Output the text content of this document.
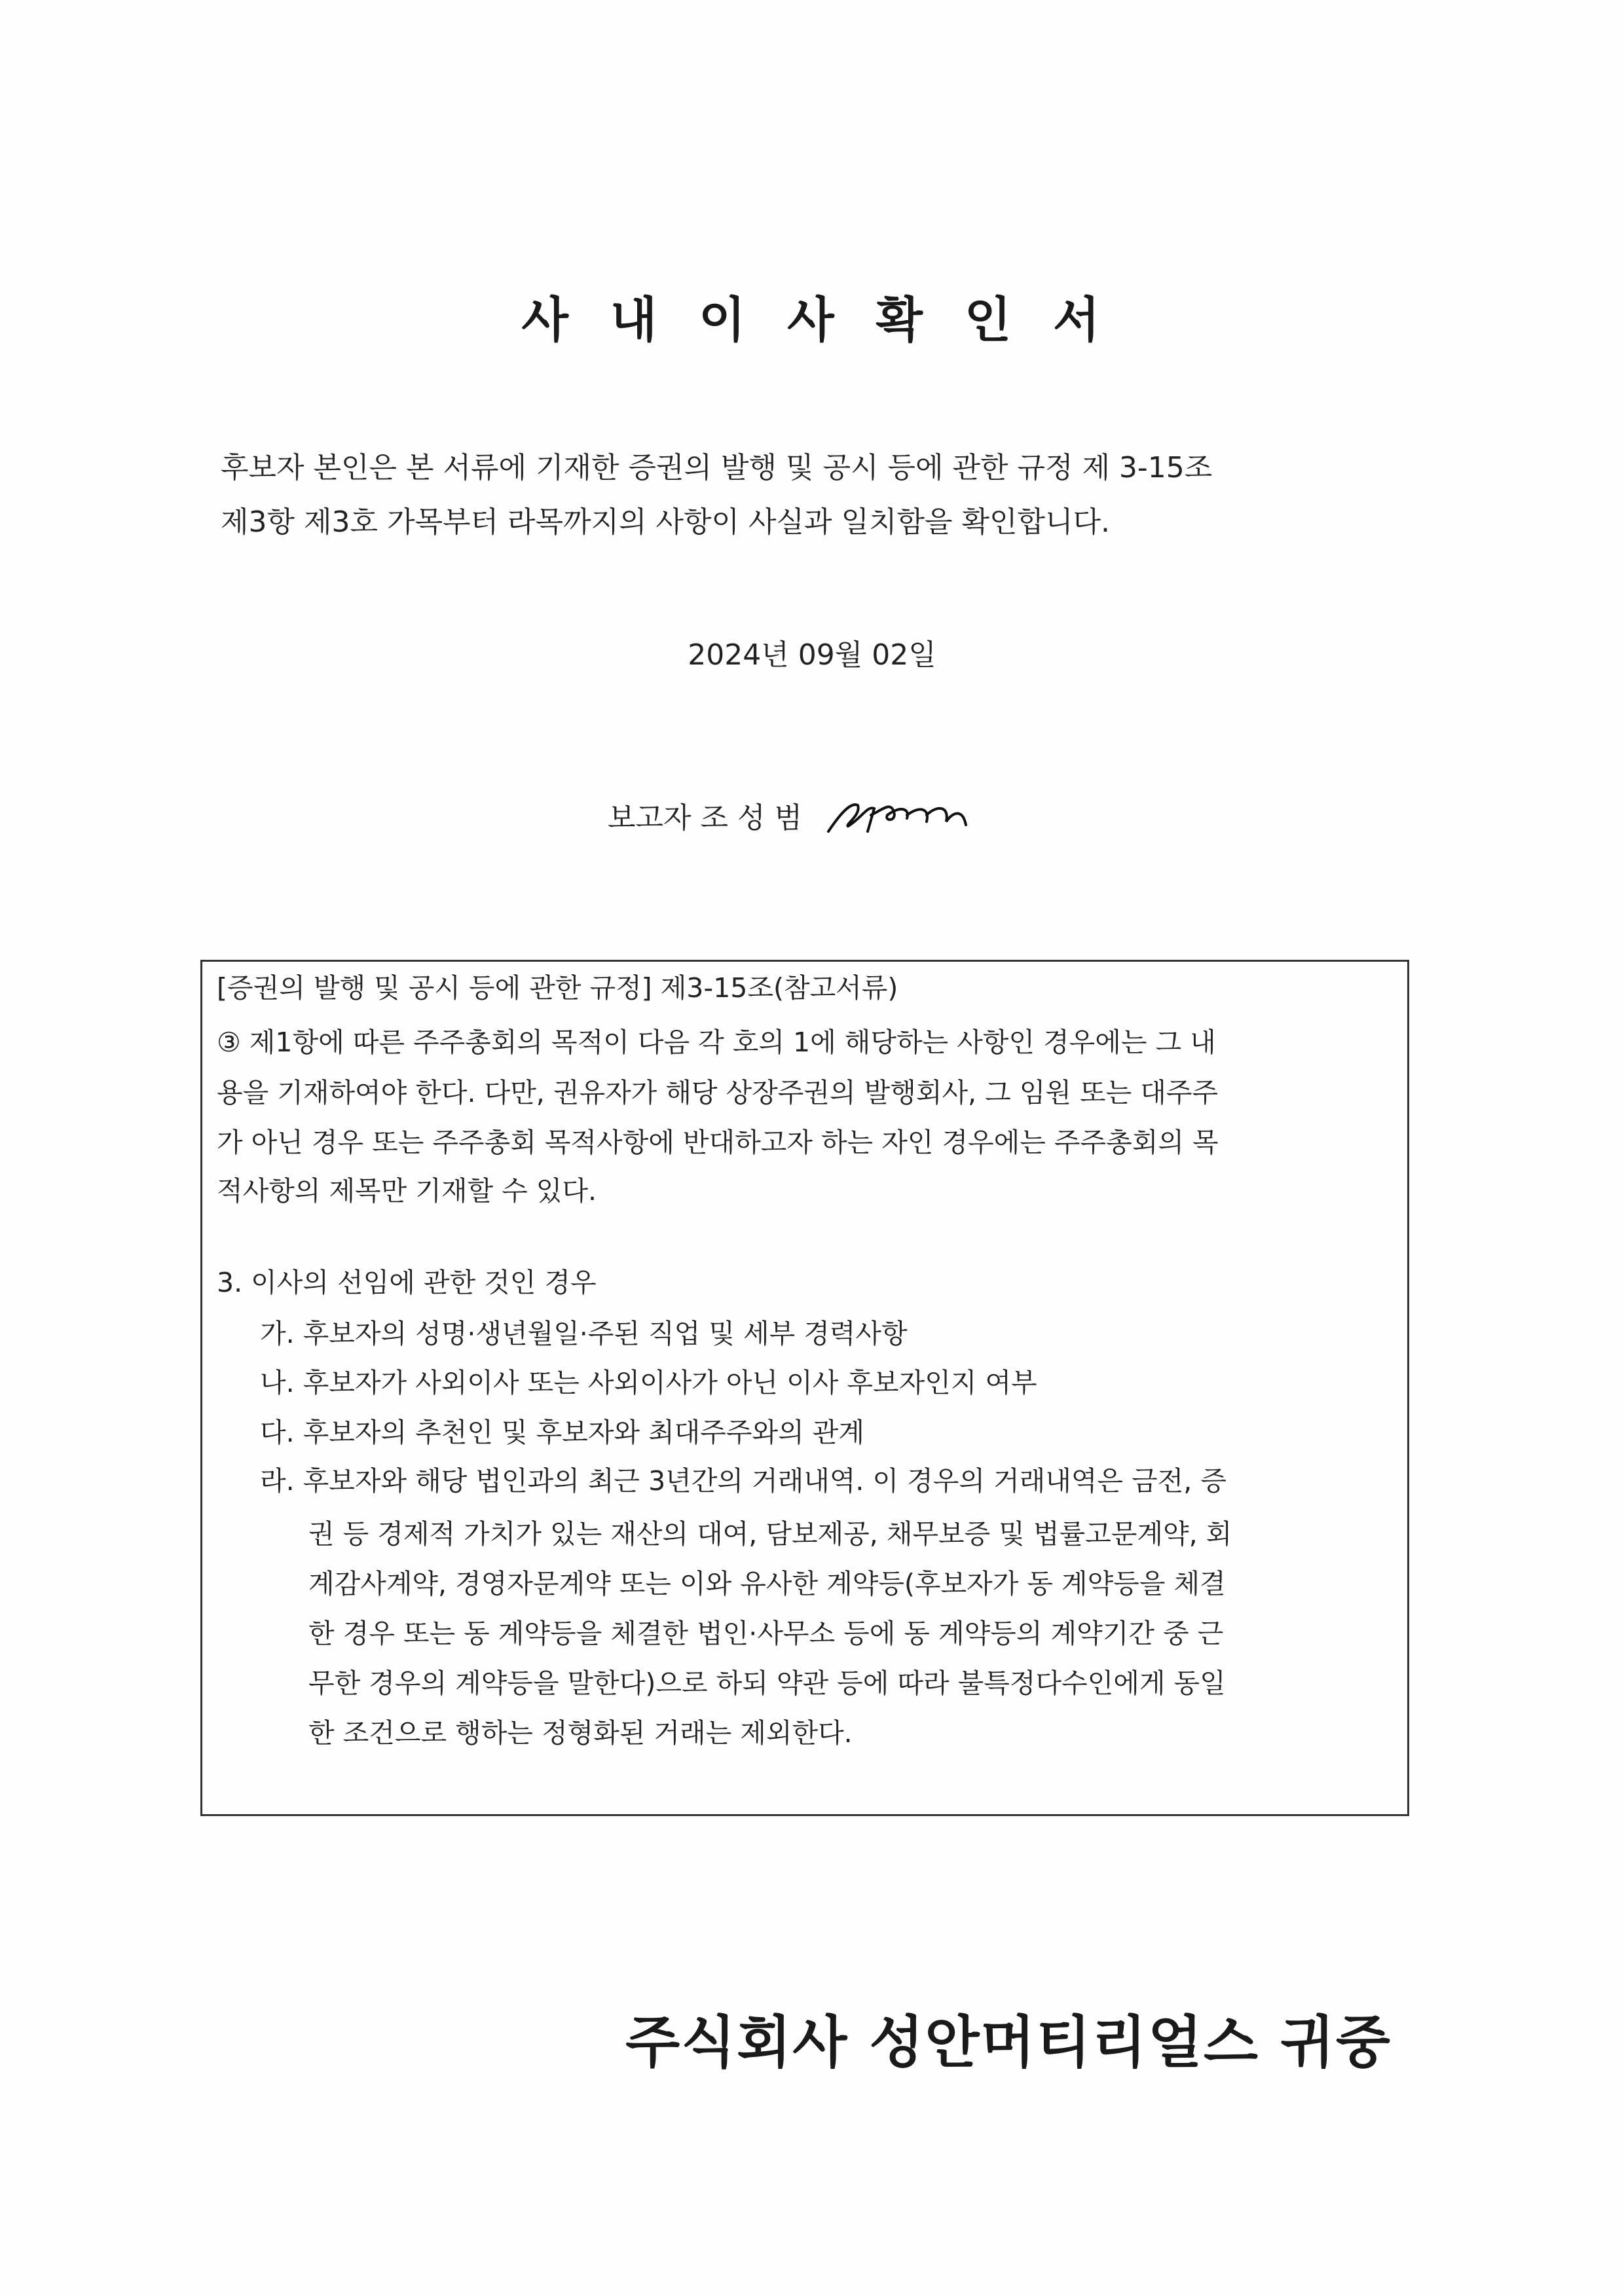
사 내 이 사 확 인 서
후보자 본인은 본 서류에 기재한 증권의 발행 및 공시 등에 관한 규정 제 3-15조
제3항 제3호 가목부터 라목까지의 사항이 사실과 일치함을 확인합니다.
2024년 09월 02일
보고자 조 성 범
[증권의 발행 및 공시 등에 관한 규정] 제3-15조(참고서류)
③ 제1항에 따른 주주총회의 목적이 다음 각 호의 1에 해당하는 사항인 경우에는 그 내
용을 기재하여야 한다. 다만, 권유자가 해당 상장주권의 발행회사, 그 임원 또는 대주주
가 아닌 경우 또는 주주총회 목적사항에 반대하고자 하는 자인 경우에는 주주총회의 목
적사항의 제목만 기재할 수 있다.
3. 이사의 선임에 관한 것인 경우
가. 후보자의 성명·생년월일·주된 직업 및 세부 경력사항
나. 후보자가 사외이사 또는 사외이사가 아닌 이사 후보자인지 여부
다. 후보자의 추천인 및 후보자와 최대주주와의 관계
라. 후보자와 해당 법인과의 최근 3년간의 거래내역. 이 경우의 거래내역은 금전, 증
권 등 경제적 가치가 있는 재산의 대여, 담보제공, 채무보증 및 법률고문계약, 회
계감사계약, 경영자문계약 또는 이와 유사한 계약등(후보자가 동 계약등을 체결
한 경우 또는 동 계약등을 체결한 법인·사무소 등에 동 계약등의 계약기간 중 근
무한 경우의 계약등을 말한다)으로 하되 약관 등에 따라 불특정다수인에게 동일
한 조건으로 행하는 정형화된 거래는 제외한다.
주식회사 성안머티리얼스 귀중
